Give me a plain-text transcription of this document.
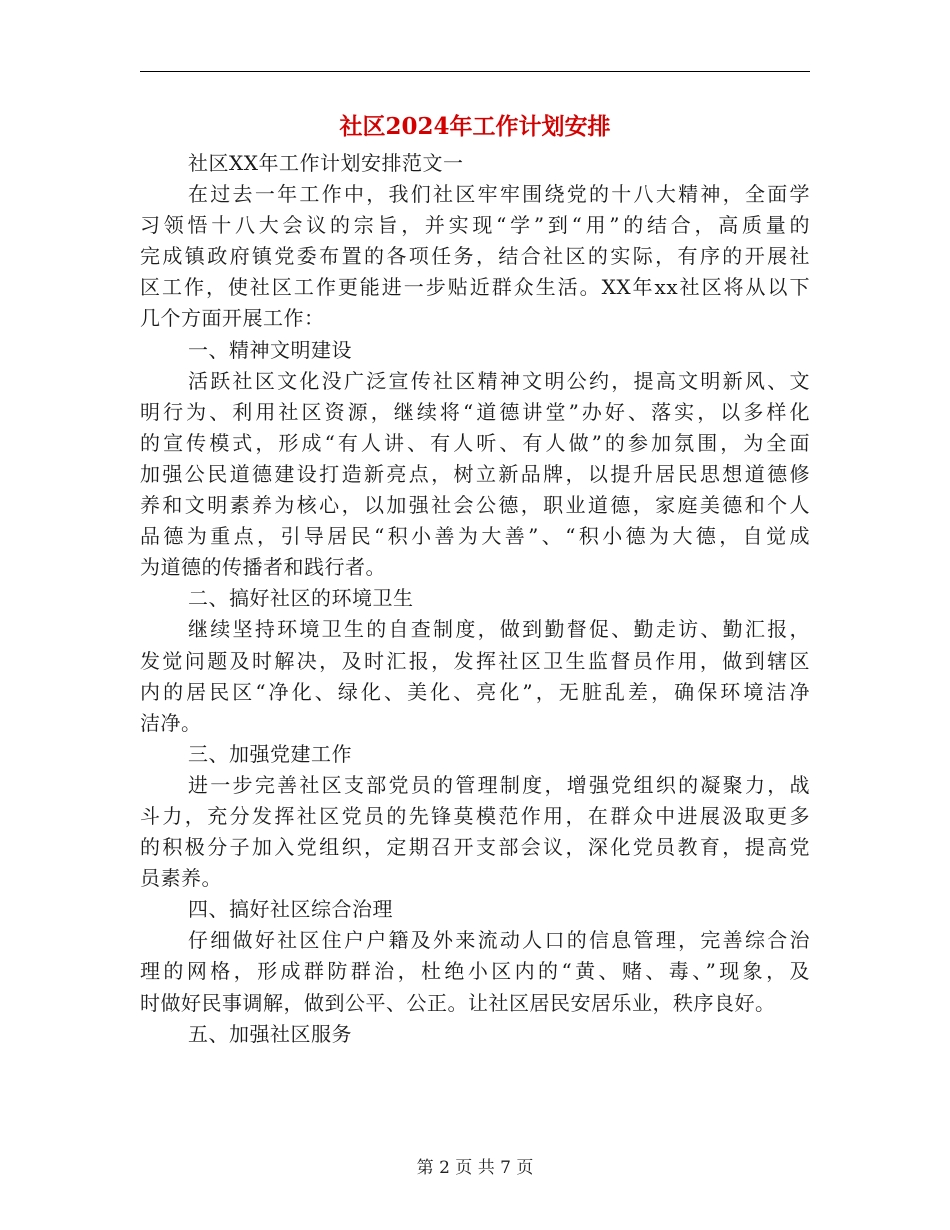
社区2024年工作计划安排

社区XX年工作计划安排范文一

在过去一年工作中，我们社区牢牢围绕党的十八大精神，全面学
习领悟十八大会议的宗旨，并实现“学”到“用”的结合，高质量的
完成镇政府镇党委布置的各项任务，结合社区的实际，有序的开展社
区工作，使社区工作更能进一步贴近群众生活。XX年xx社区将从以下
几个方面开展工作：

一、精神文明建设

活跃社区文化没广泛宣传社区精神文明公约，提高文明新风、文
明行为、利用社区资源，继续将“道德讲堂”办好、落实，以多样化
的宣传模式，形成“有人讲、有人听、有人做”的参加氛围，为全面
加强公民道德建设打造新亮点，树立新品牌，以提升居民思想道德修
养和文明素养为核心，以加强社会公德，职业道德，家庭美德和个人
品德为重点，引导居民“积小善为大善”、“积小德为大德，自觉成
为道德的传播者和践行者。

二、搞好社区的环境卫生

继续坚持环境卫生的自查制度，做到勤督促、勤走访、勤汇报，
发觉问题及时解决，及时汇报，发挥社区卫生监督员作用，做到辖区
内的居民区“净化、绿化、美化、亮化”，无脏乱差，确保环境洁净
洁净。

三、加强党建工作

进一步完善社区支部党员的管理制度，增强党组织的凝聚力，战
斗力，充分发挥社区党员的先锋莫模范作用，在群众中进展汲取更多
的积极分子加入党组织，定期召开支部会议，深化党员教育，提高党
员素养。

四、搞好社区综合治理

仔细做好社区住户户籍及外来流动人口的信息管理，完善综合治
理的网格，形成群防群治，杜绝小区内的“黄、赌、毒、”现象，及
时做好民事调解，做到公平、公正。让社区居民安居乐业，秩序良好。

五、加强社区服务

第 2 页 共 7 页
